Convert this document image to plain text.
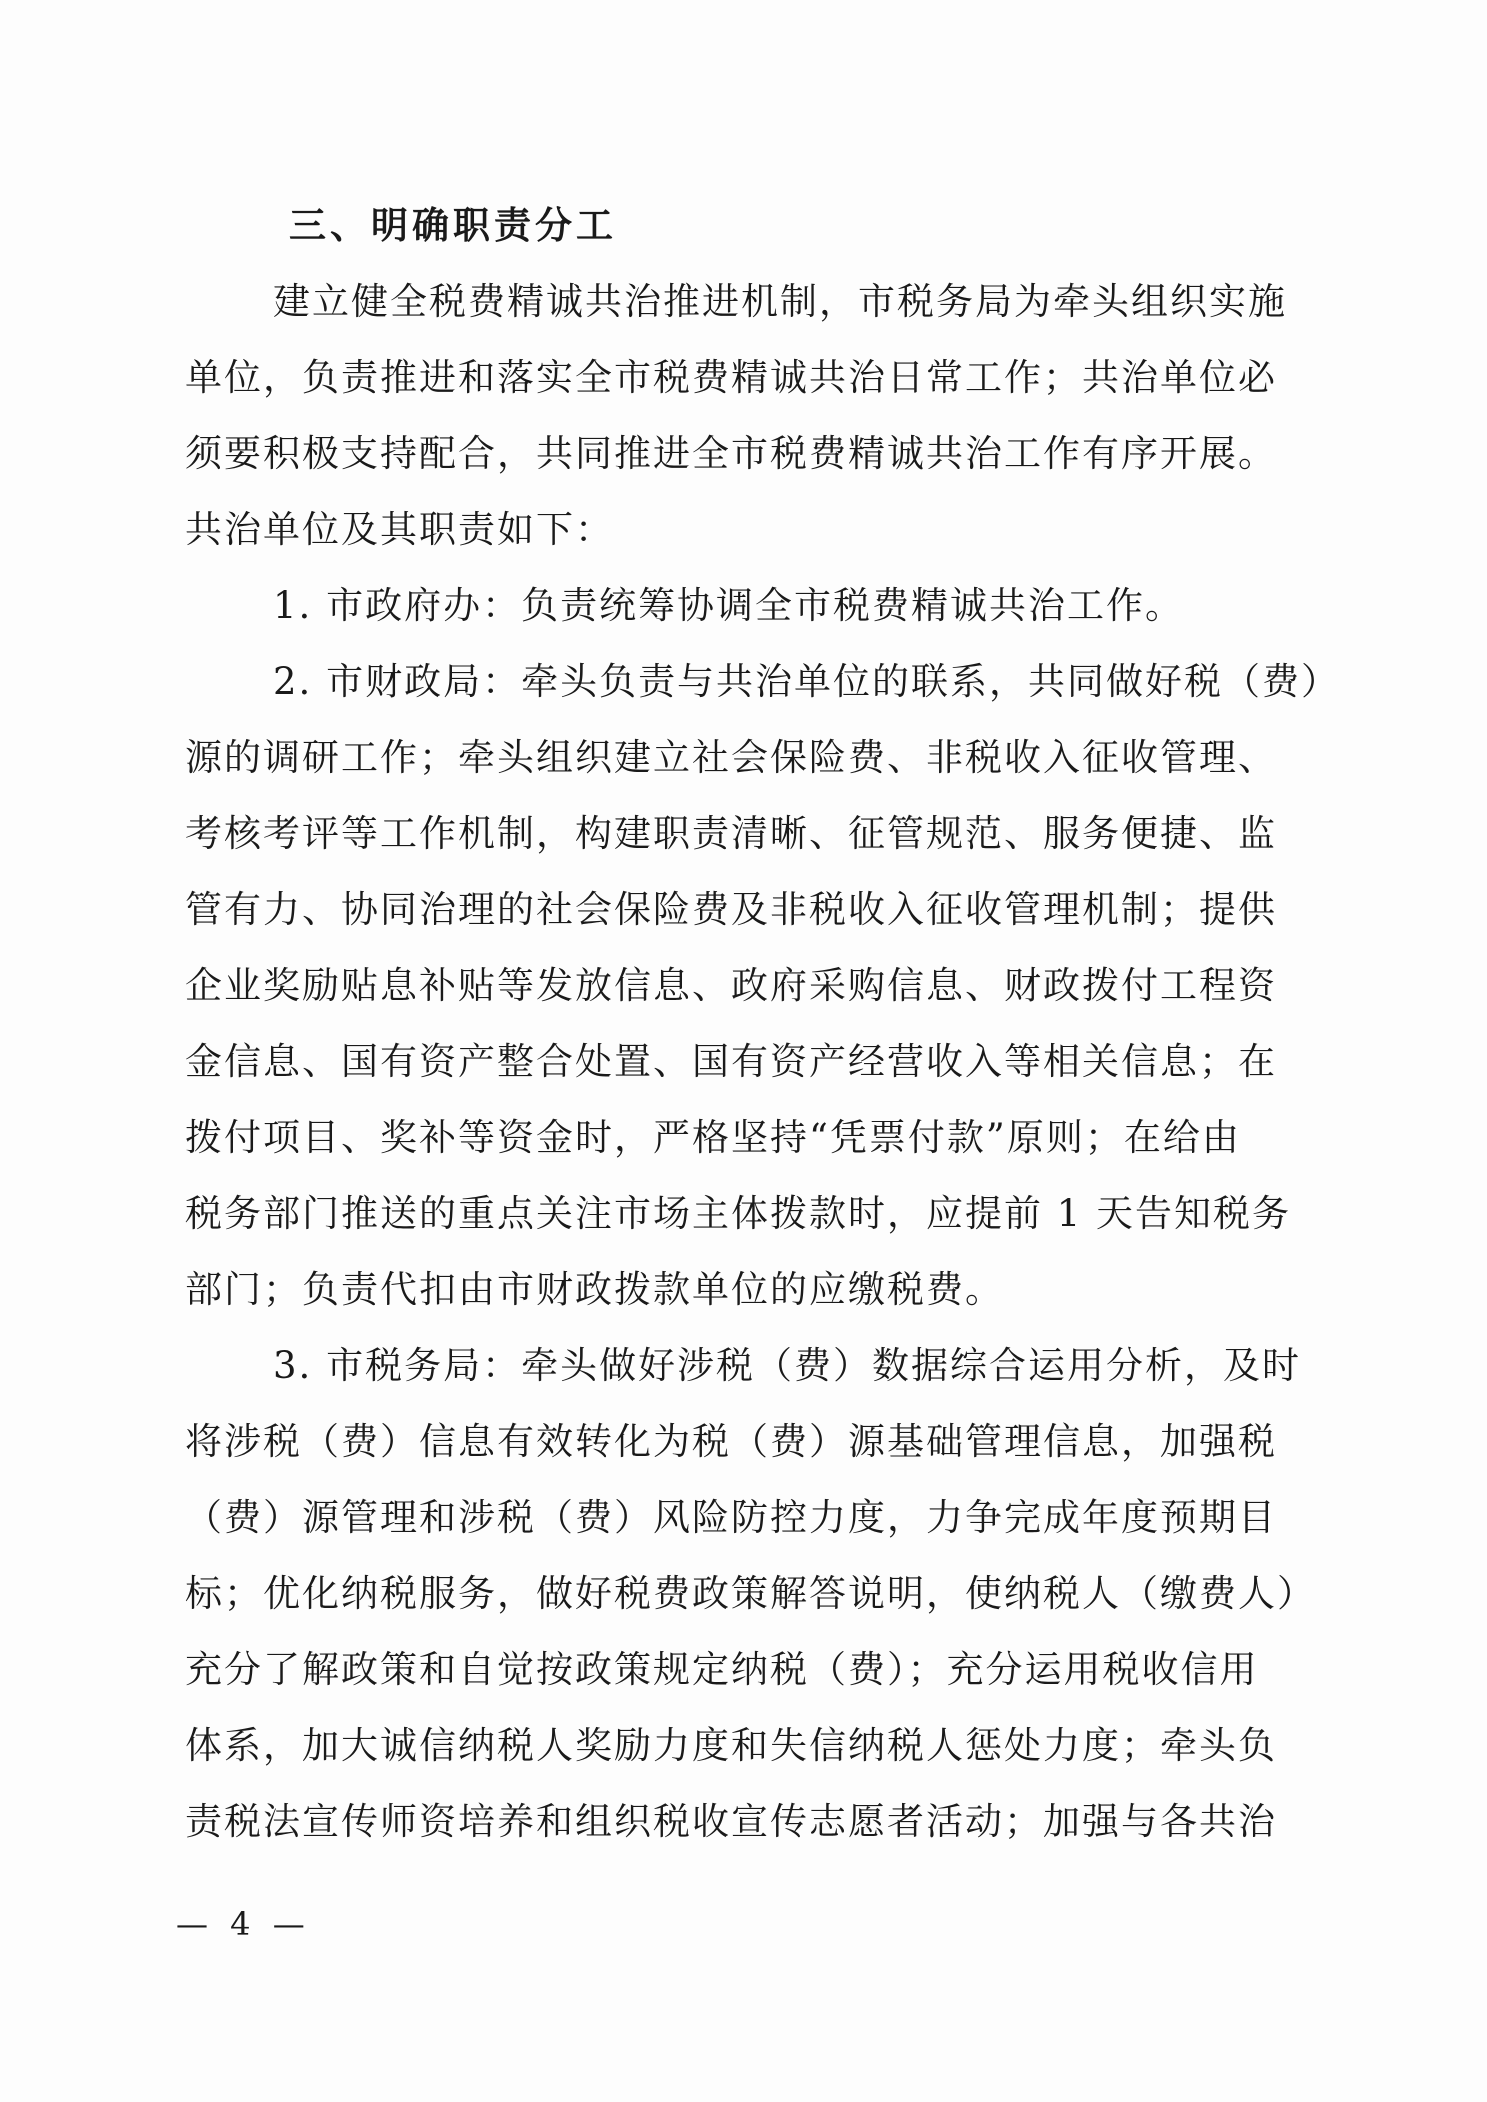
三、明确职责分工
建立健全税费精诚共治推进机制，市税务局为牵头组织实施
单位，负责推进和落实全市税费精诚共治日常工作；共治单位必
须要积极支持配合，共同推进全市税费精诚共治工作有序开展。
共治单位及其职责如下：
1. 市政府办：负责统筹协调全市税费精诚共治工作。
2. 市财政局：牵头负责与共治单位的联系，共同做好税（费）
源的调研工作；牵头组织建立社会保险费、非税收入征收管理、
考核考评等工作机制，构建职责清晰、征管规范、服务便捷、监
管有力、协同治理的社会保险费及非税收入征收管理机制；提供
企业奖励贴息补贴等发放信息、政府采购信息、财政拨付工程资
金信息、国有资产整合处置、国有资产经营收入等相关信息；在
拨付项目、奖补等资金时，严格坚持“凭票付款”原则；在给由
税务部门推送的重点关注市场主体拨款时，应提前 1 天告知税务
部门；负责代扣由市财政拨款单位的应缴税费。
3. 市税务局：牵头做好涉税（费）数据综合运用分析，及时
将涉税（费）信息有效转化为税（费）源基础管理信息，加强税
（费）源管理和涉税（费）风险防控力度，力争完成年度预期目
标；优化纳税服务，做好税费政策解答说明，使纳税人（缴费人）
充分了解政策和自觉按政策规定纳税（费）；充分运用税收信用
体系，加大诚信纳税人奖励力度和失信纳税人惩处力度；牵头负
责税法宣传师资培养和组织税收宣传志愿者活动；加强与各共治
— 4 —
